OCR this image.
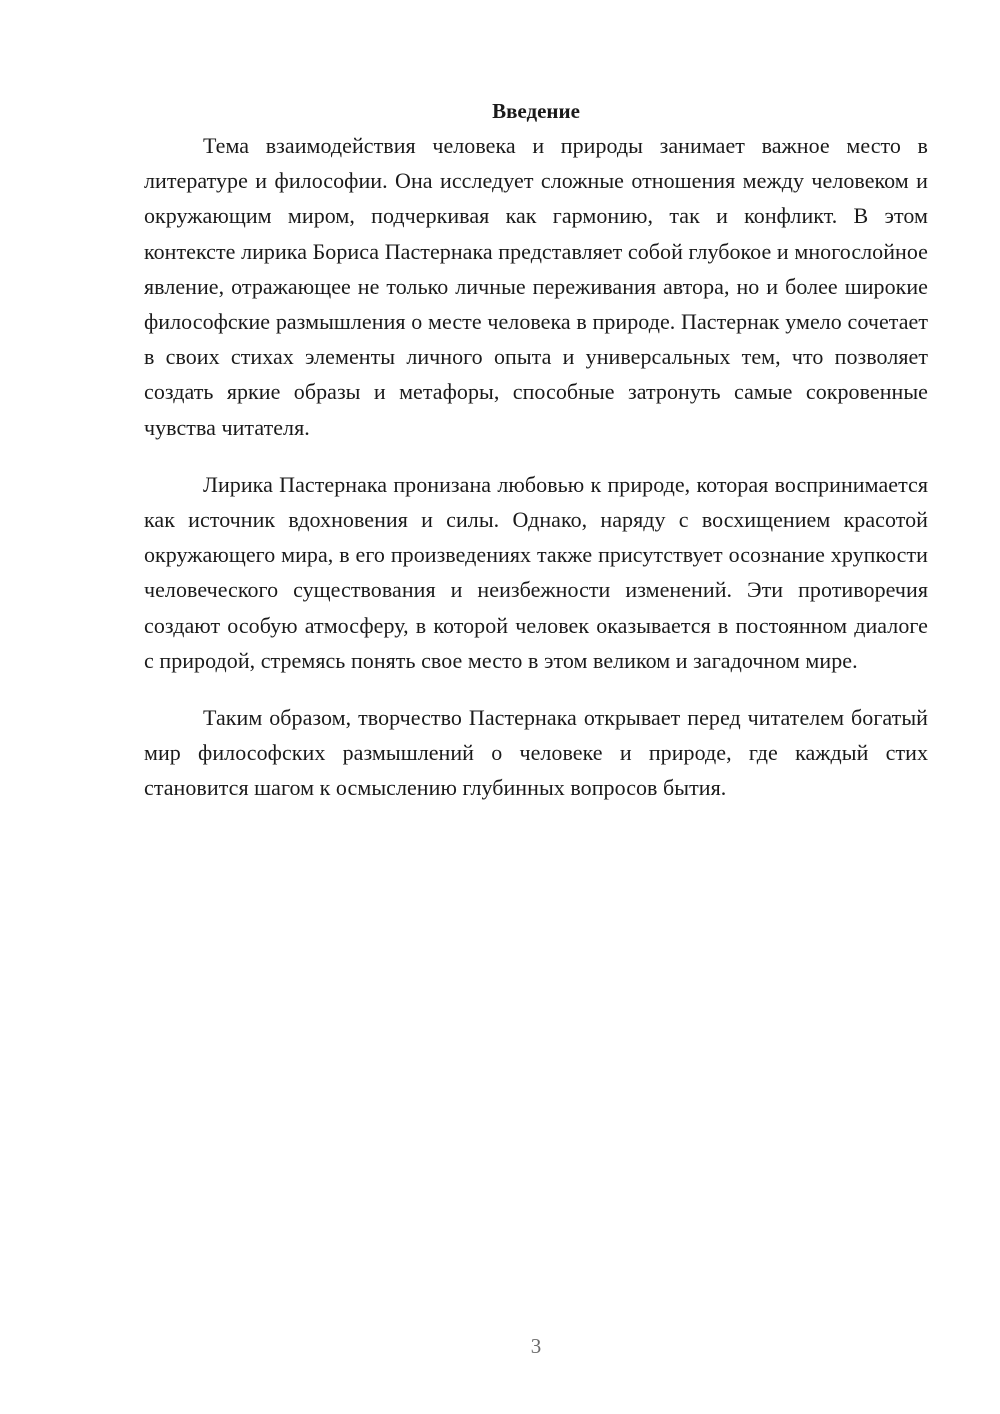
Введение

Тема взаимодействия человека и природы занимает важное место в литературе и философии. Она исследует сложные отношения между человеком и окружающим миром, подчеркивая как гармонию, так и конфликт. В этом контексте лирика Бориса Пастернака представляет собой глубокое и многослойное явление, отражающее не только личные переживания автора, но и более широкие философские размышления о месте человека в природе. Пастернак умело сочетает в своих стихах элементы личного опыта и универсальных тем, что позволяет создать яркие образы и метафоры, способные затронуть самые сокровенные чувства читателя.

Лирика Пастернака пронизана любовью к природе, которая воспринимается как источник вдохновения и силы. Однако, наряду с восхищением красотой окружающего мира, в его произведениях также присутствует осознание хрупкости человеческого существования и неизбежности изменений. Эти противоречия создают особую атмосферу, в которой человек оказывается в постоянном диалоге с природой, стремясь понять свое место в этом великом и загадочном мире.

Таким образом, творчество Пастернака открывает перед читателем богатый мир философских размышлений о человеке и природе, где каждый стих становится шагом к осмыслению глубинных вопросов бытия.

3
